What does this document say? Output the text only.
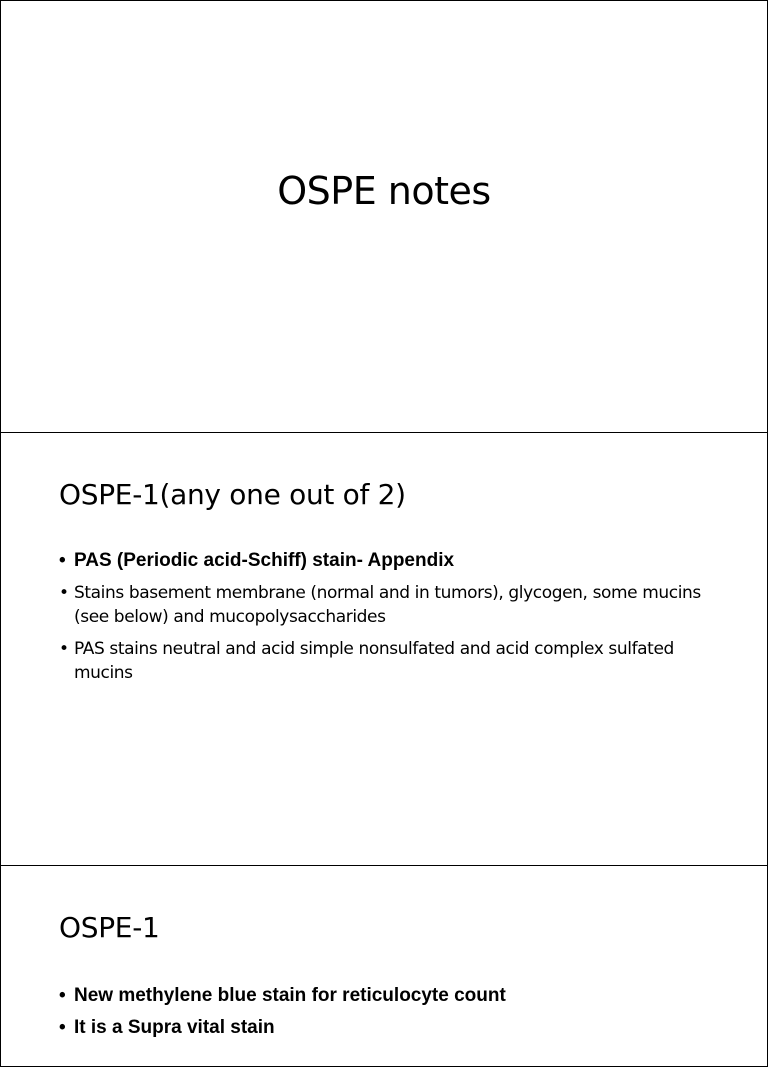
OSPE notes
OSPE-1(any one out of 2)
• PAS (Periodic acid-Schiff) stain- Appendix
• Stains basement membrane (normal and in tumors), glycogen, some mucins (see below) and mucopolysaccharides
• PAS stains neutral and acid simple nonsulfated and acid complex sulfated mucins
OSPE-1
• New methylene blue stain for reticulocyte count
• It is a Supra vital stain
